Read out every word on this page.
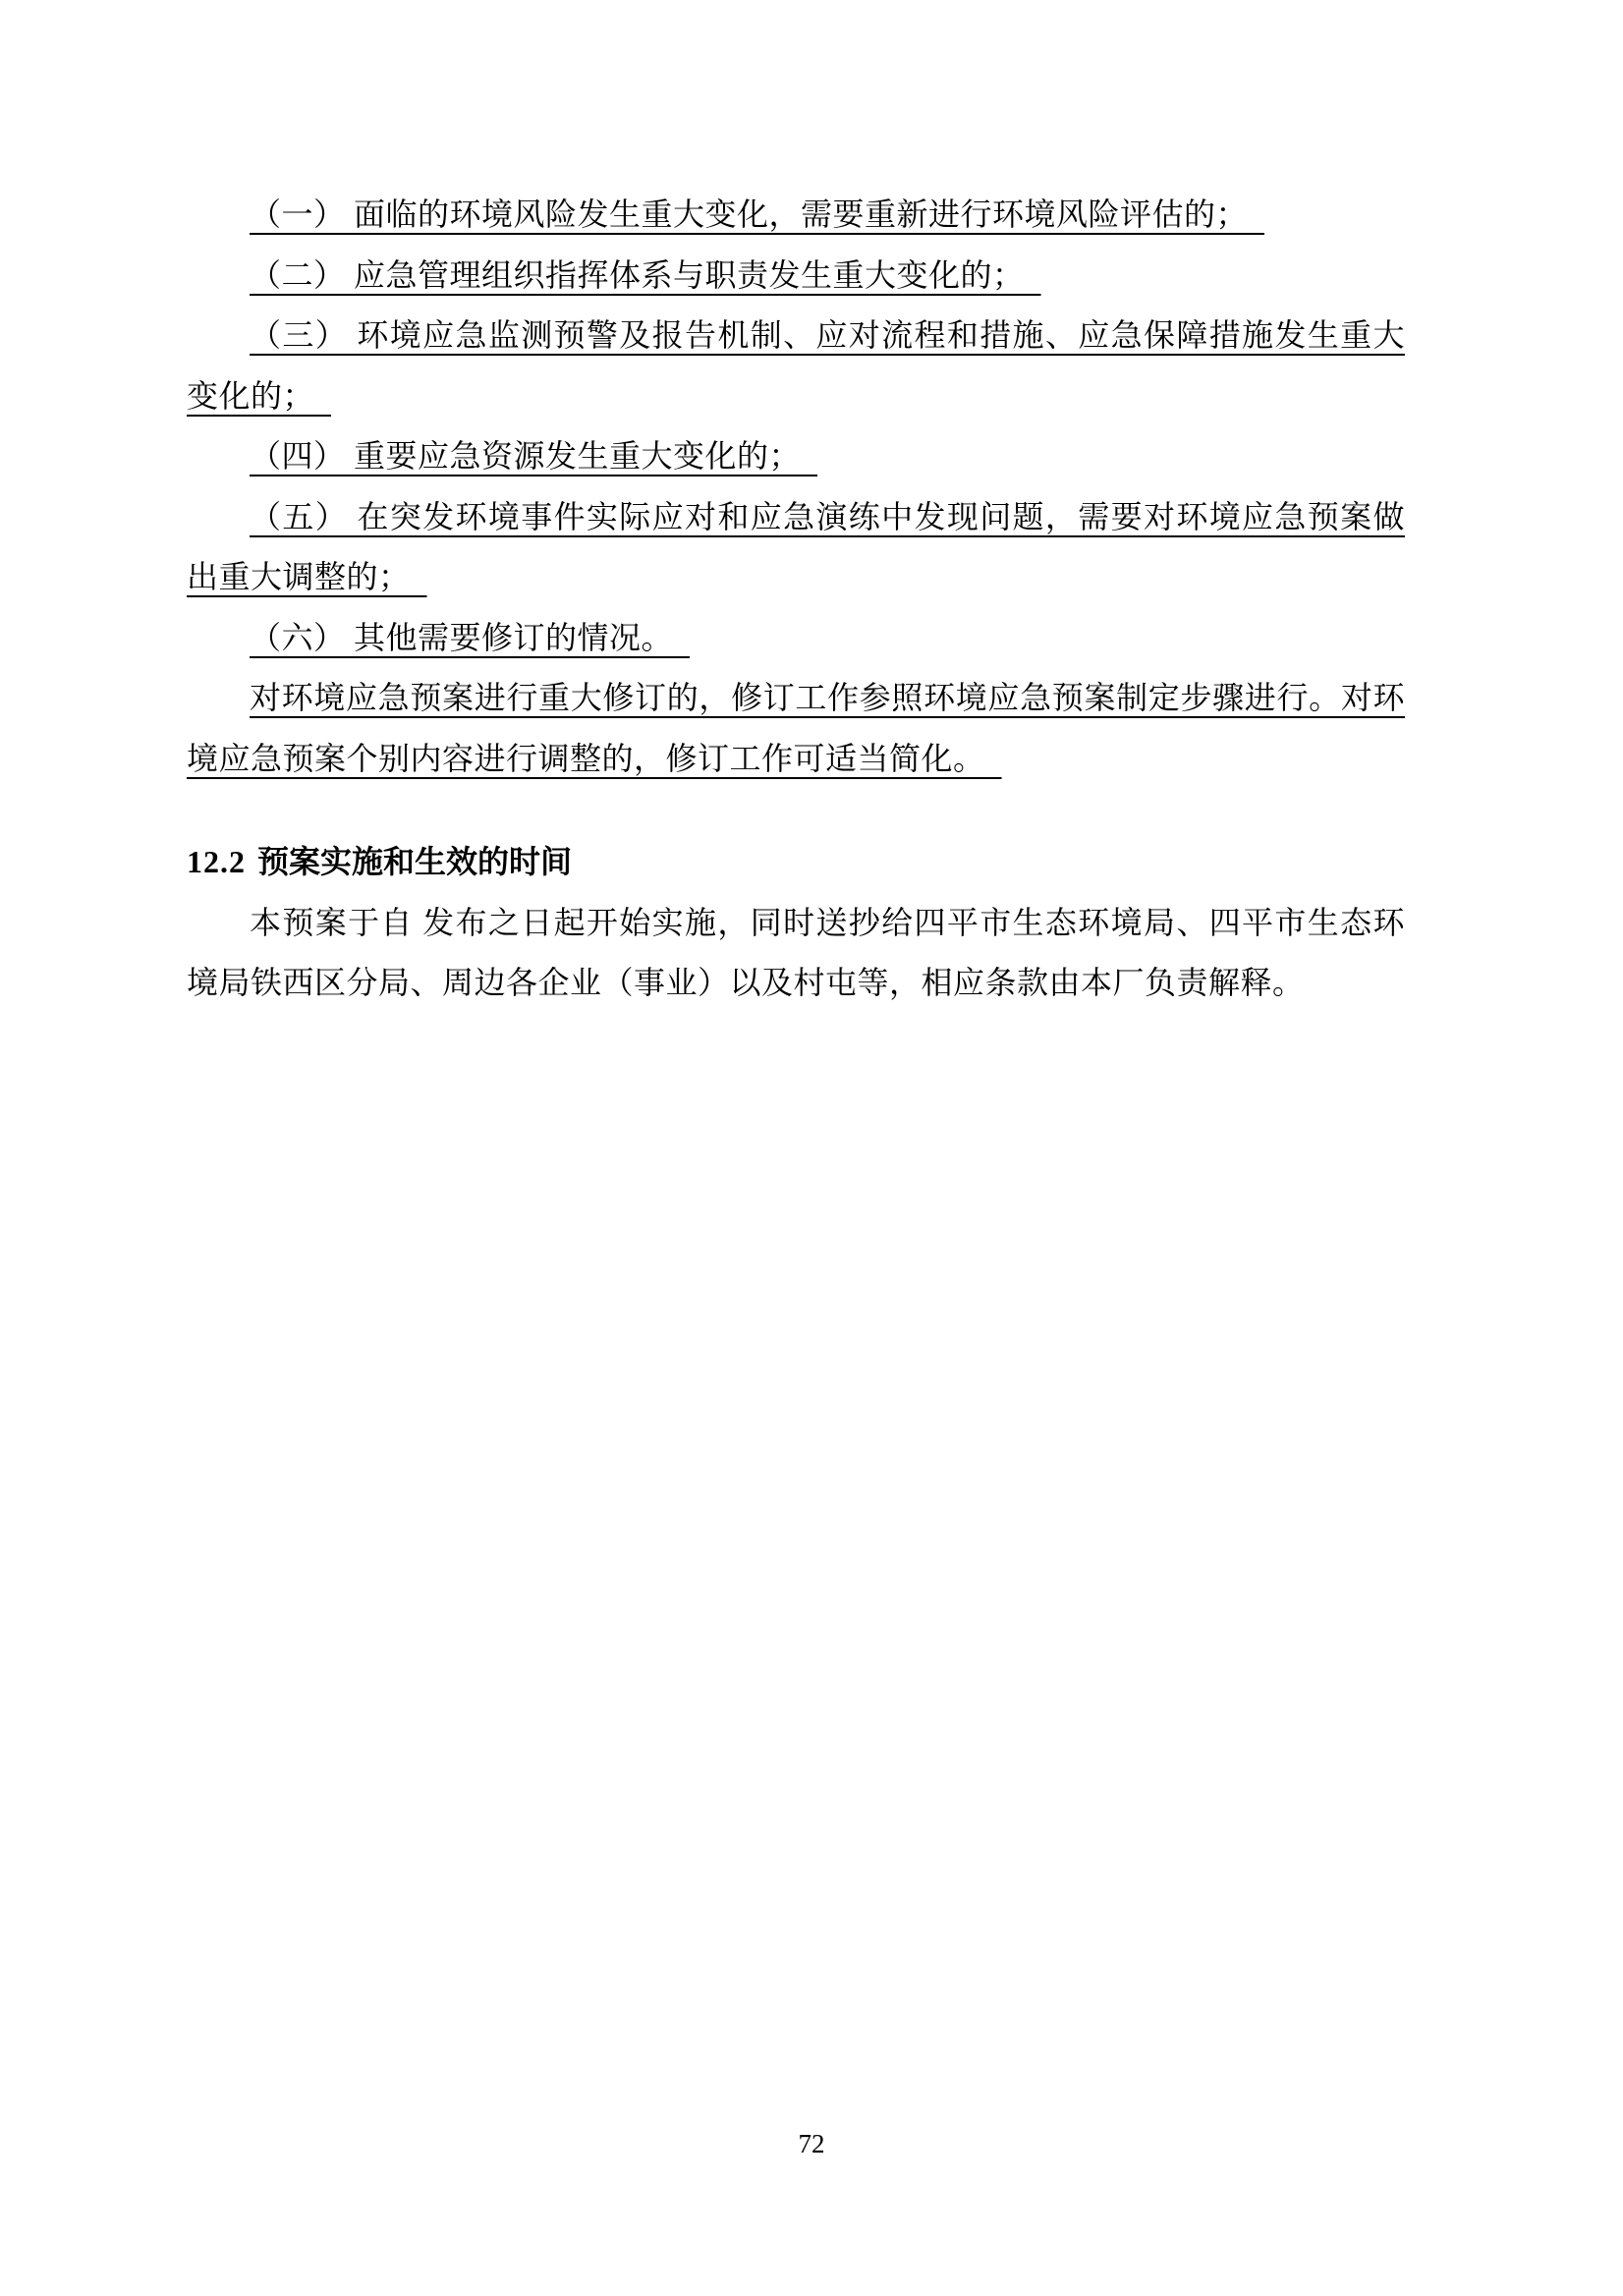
（一） 面临的环境风险发生重大变化，需要重新进行环境风险评估的；

（二） 应急管理组织指挥体系与职责发生重大变化的；

（三） 环境应急监测预警及报告机制、应对流程和措施、应急保障措施发生重大变化的；

（四） 重要应急资源发生重大变化的；

（五） 在突发环境事件实际应对和应急演练中发现问题，需要对环境应急预案做出重大调整的；

（六） 其他需要修订的情况。

对环境应急预案进行重大修订的，修订工作参照环境应急预案制定步骤进行。对环境应急预案个别内容进行调整的，修订工作可适当简化。

12.2 预案实施和生效的时间

本预案于自 发布之日起开始实施，同时送抄给四平市生态环境局、四平市生态环境局铁西区分局、周边各企业（事业）以及村屯等，相应条款由本厂负责解释。

72
